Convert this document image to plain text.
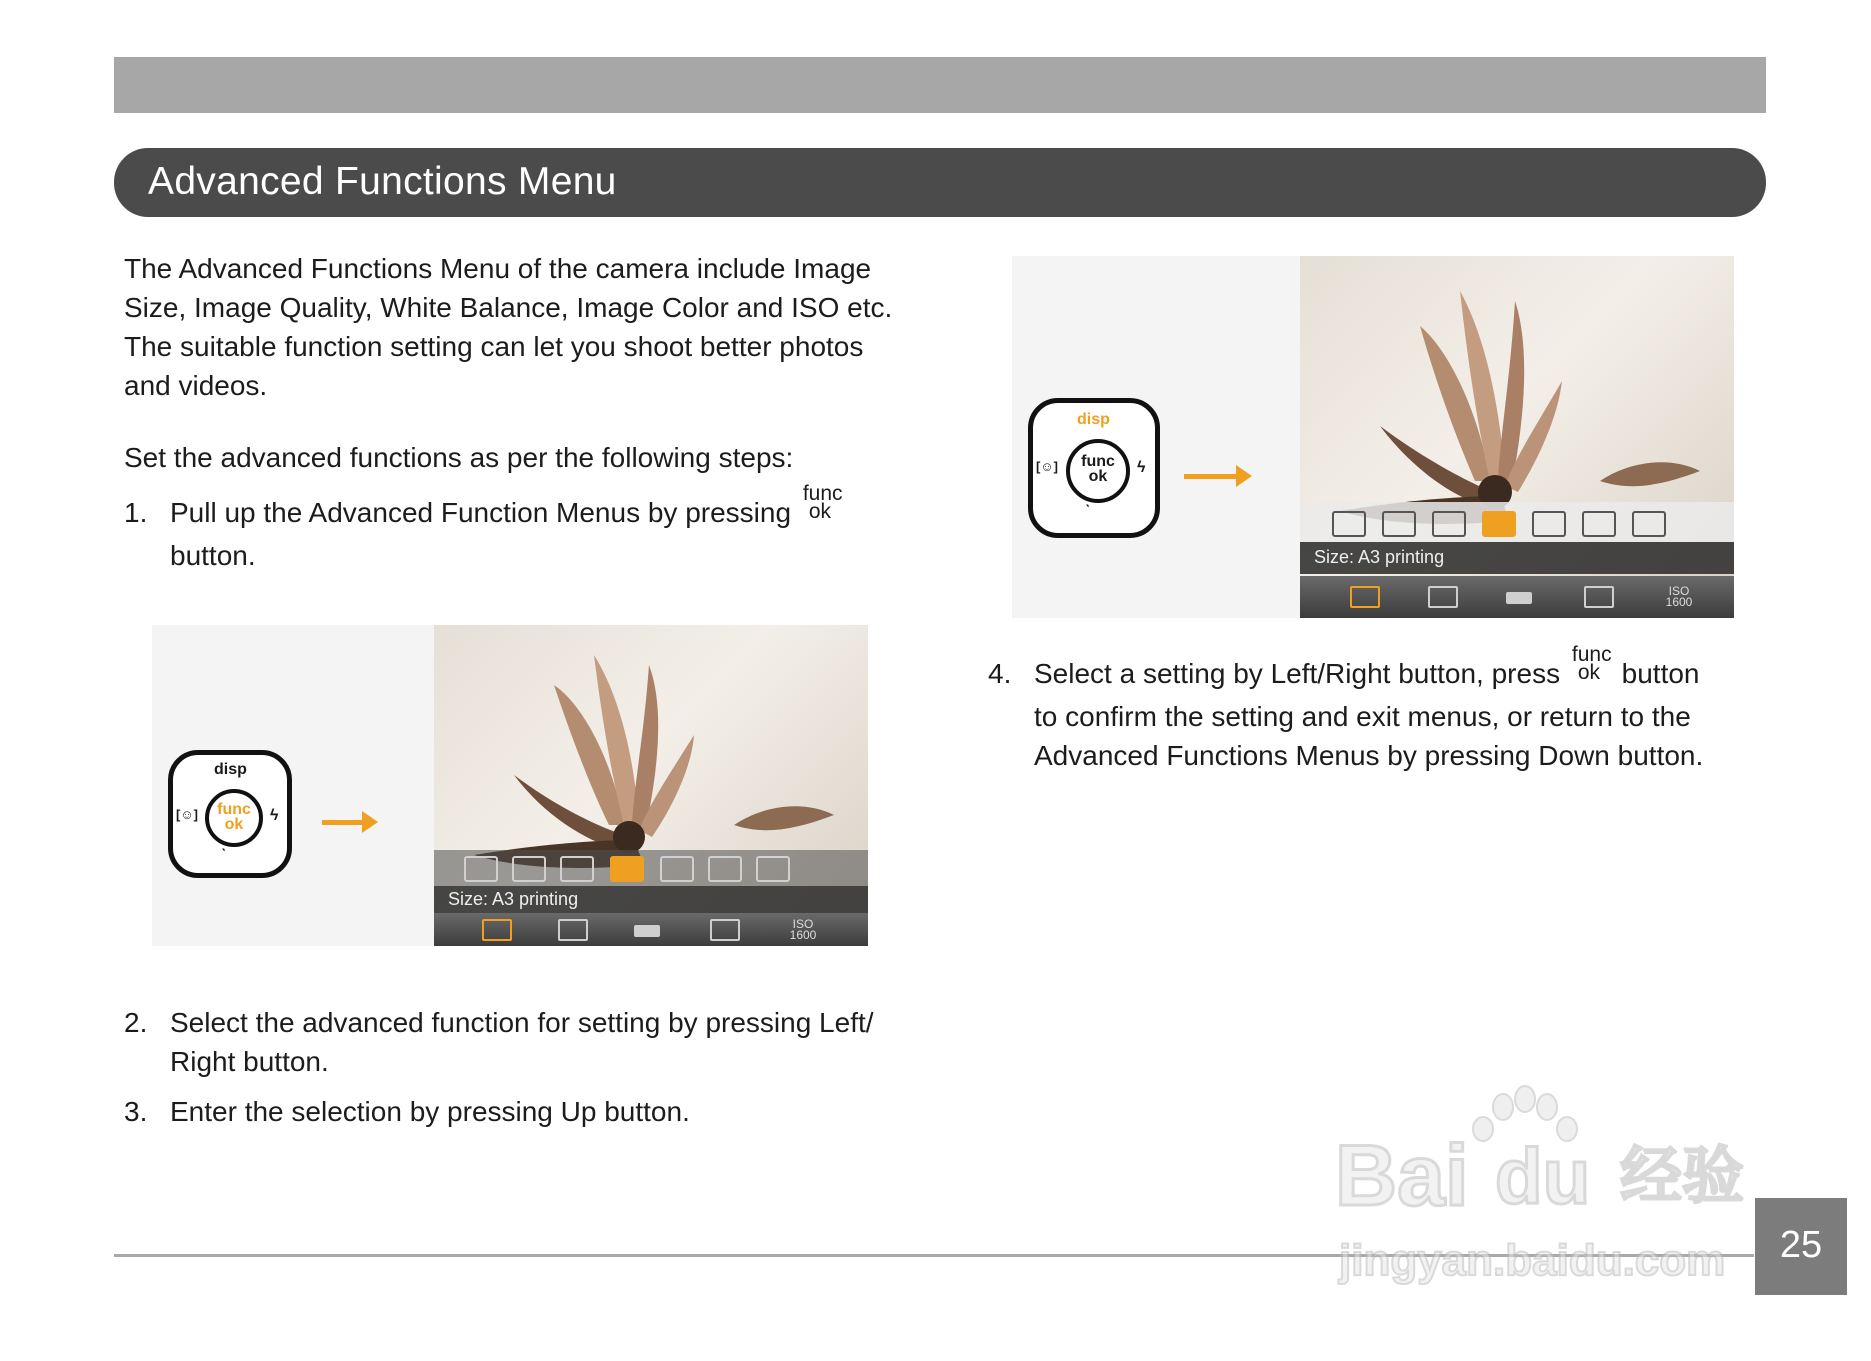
Advanced Functions Menu
The Advanced Functions Menu of the camera include Image
Size, Image Quality, White Balance, Image Color and ISO etc.
The suitable function setting can let you shoot better photos
and videos.
Set the advanced functions as per the following steps:
1. Pull up the Advanced Function Menus by pressing
func
ok
button.
disp
func
ok
[☺]	ϟ
`
Size: A3 printing
ISO
1600
2. Select the advanced function for setting by pressing Left/
Right button.
3. Enter the selection by pressing Up button.
disp
func
ok
[☺]	ϟ
`
Size: A3 printing
ISO
1600
4. Select a setting by Left/Right button, press
func
ok button
to confirm the setting and exit menus, or return to the
Advanced Functions Menus by pressing Down button.
25
Bai du 经验
jingyan.baidu.com
